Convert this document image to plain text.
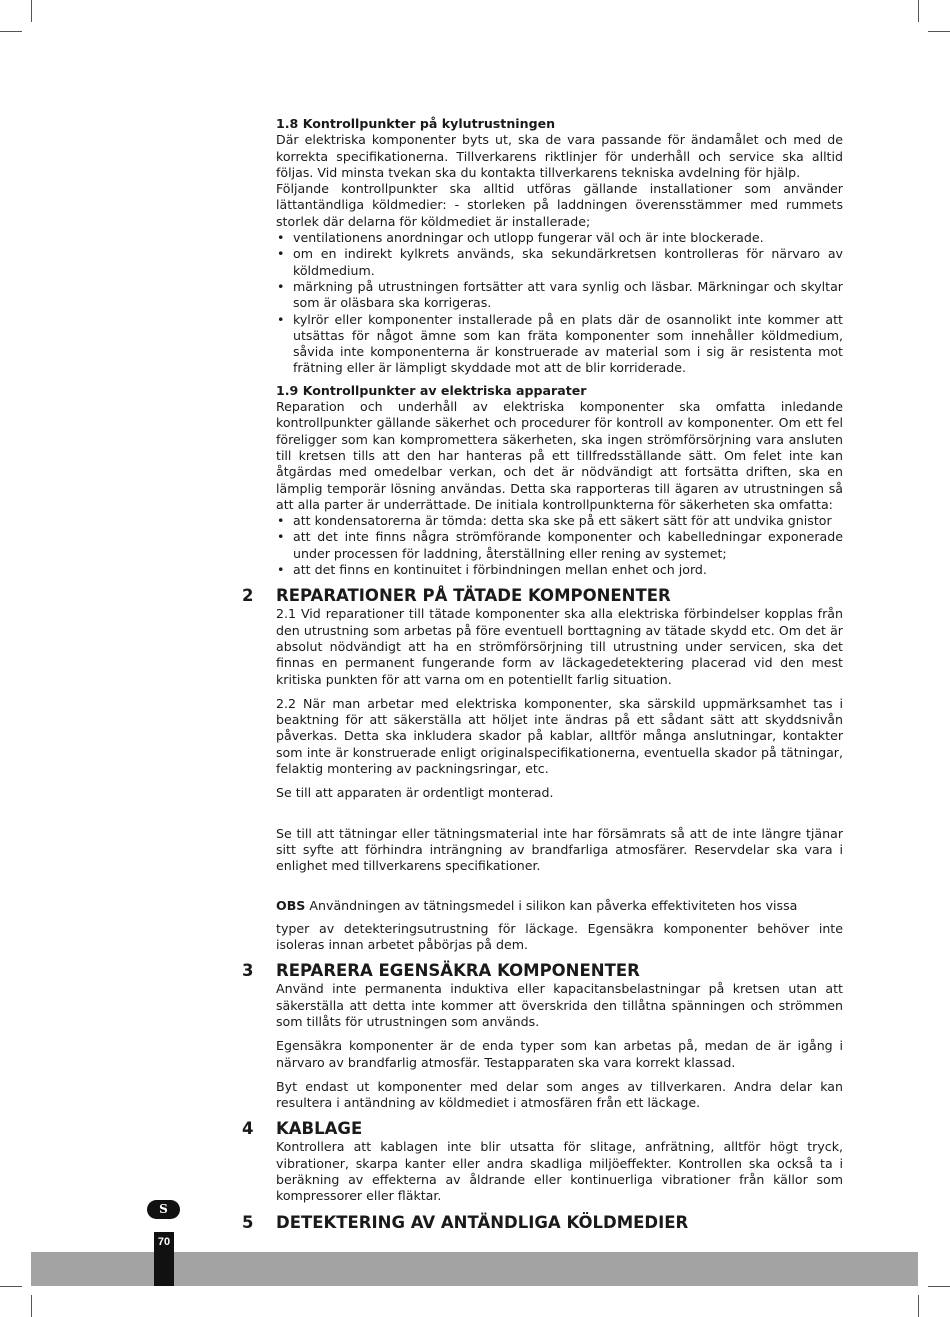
1.8 Kontrollpunkter på kylutrustningen

Där elektriska komponenter byts ut, ska de vara passande för ändamålet och med de korrekta specifikationerna. Tillverkarens riktlinjer för underhåll och service ska alltid följas. Vid minsta tvekan ska du kontakta tillverkarens tekniska avdelning för hjälp.

Följande kontrollpunkter ska alltid utföras gällande installationer som använder lättantändliga köldmedier: - storleken på laddningen överensstämmer med rummets storlek där delarna för köldmediet är installerade;

• ventilationens anordningar och utlopp fungerar väl och är inte blockerade.
• om en indirekt kylkrets används, ska sekundärkretsen kontrolleras för närvaro av köldmedium.
• märkning på utrustningen fortsätter att vara synlig och läsbar. Märkningar och skyltar som är oläsbara ska korrigeras.
• kylrör eller komponenter installerade på en plats där de osannolikt inte kommer att utsättas för något ämne som kan fräta komponenter som innehåller köldmedium, såvida inte komponenterna är konstruerade av material som i sig är resistenta mot frätning eller är lämpligt skyddade mot att de blir korriderade.
1.9 Kontrollpunkter av elektriska apparater

Reparation och underhåll av elektriska komponenter ska omfatta inledande kontrollpunkter gällande säkerhet och procedurer för kontroll av komponenter. Om ett fel föreligger som kan kompromettera säkerheten, ska ingen strömförsörjning vara ansluten till kretsen tills att den har hanteras på ett tillfredsställande sätt. Om felet inte kan åtgärdas med omedelbar verkan, och det är nödvändigt att fortsätta driften, ska en lämplig temporär lösning användas. Detta ska rapporteras till ägaren av utrustningen så att alla parter är underrättade. De initiala kontrollpunkterna för säkerheten ska omfatta:

• att kondensatorerna är tömda: detta ska ske på ett säkert sätt för att undvika gnistor
• att det inte finns några strömförande komponenter och kabelledningar exponerade under processen för laddning, återställning eller rening av systemet;
• att det finns en kontinuitet i förbindningen mellan enhet och jord.
2 REPARATIONER PÅ TÄTADE KOMPONENTER

2.1 Vid reparationer till tätade komponenter ska alla elektriska förbindelser kopplas från den utrustning som arbetas på före eventuell borttagning av tätade skydd etc. Om det är absolut nödvändigt att ha en strömförsörjning till utrustning under servicen, ska det finnas en permanent fungerande form av läckagedetektering placerad vid den mest kritiska punkten för att varna om en potentiellt farlig situation.

2.2 När man arbetar med elektriska komponenter, ska särskild uppmärksamhet tas i beaktning för att säkerställa att höljet inte ändras på ett sådant sätt att skyddsnivån påverkas. Detta ska inkludera skador på kablar, alltför många anslutningar, kontakter som inte är konstruerade enligt originalspecifikationerna, eventuella skador på tätningar, felaktig montering av packningsringar, etc.

Se till att apparaten är ordentligt monterad.

Se till att tätningar eller tätningsmaterial inte har försämrats så att de inte längre tjänar sitt syfte att förhindra inträngning av brandfarliga atmosfärer. Reservdelar ska vara i enlighet med tillverkarens specifikationer.

OBS Användningen av tätningsmedel i silikon kan påverka effektiviteten hos vissa

typer av detekteringsutrustning för läckage. Egensäkra komponenter behöver inte isoleras innan arbetet påbörjas på dem.

3 REPARERA EGENSÄKRA KOMPONENTER

Använd inte permanenta induktiva eller kapacitansbelastningar på kretsen utan att säkerställa att detta inte kommer att överskrida den tillåtna spänningen och strömmen som tillåts för utrustningen som används.

Egensäkra komponenter är de enda typer som kan arbetas på, medan de är igång i närvaro av brandfarlig atmosfär. Testapparaten ska vara korrekt klassad.

Byt endast ut komponenter med delar som anges av tillverkaren. Andra delar kan resultera i antändning av köldmediet i atmosfären från ett läckage.

4 KABLAGE

Kontrollera att kablagen inte blir utsatta för slitage, anfrätning, alltför högt tryck, vibrationer, skarpa kanter eller andra skadliga miljöeffekter. Kontrollen ska också ta i beräkning av effekterna av åldrande eller kontinuerliga vibrationer från källor som kompressorer eller fläktar.

5 DETEKTERING AV ANTÄNDLIGA KÖLDMEDIER
S
70
